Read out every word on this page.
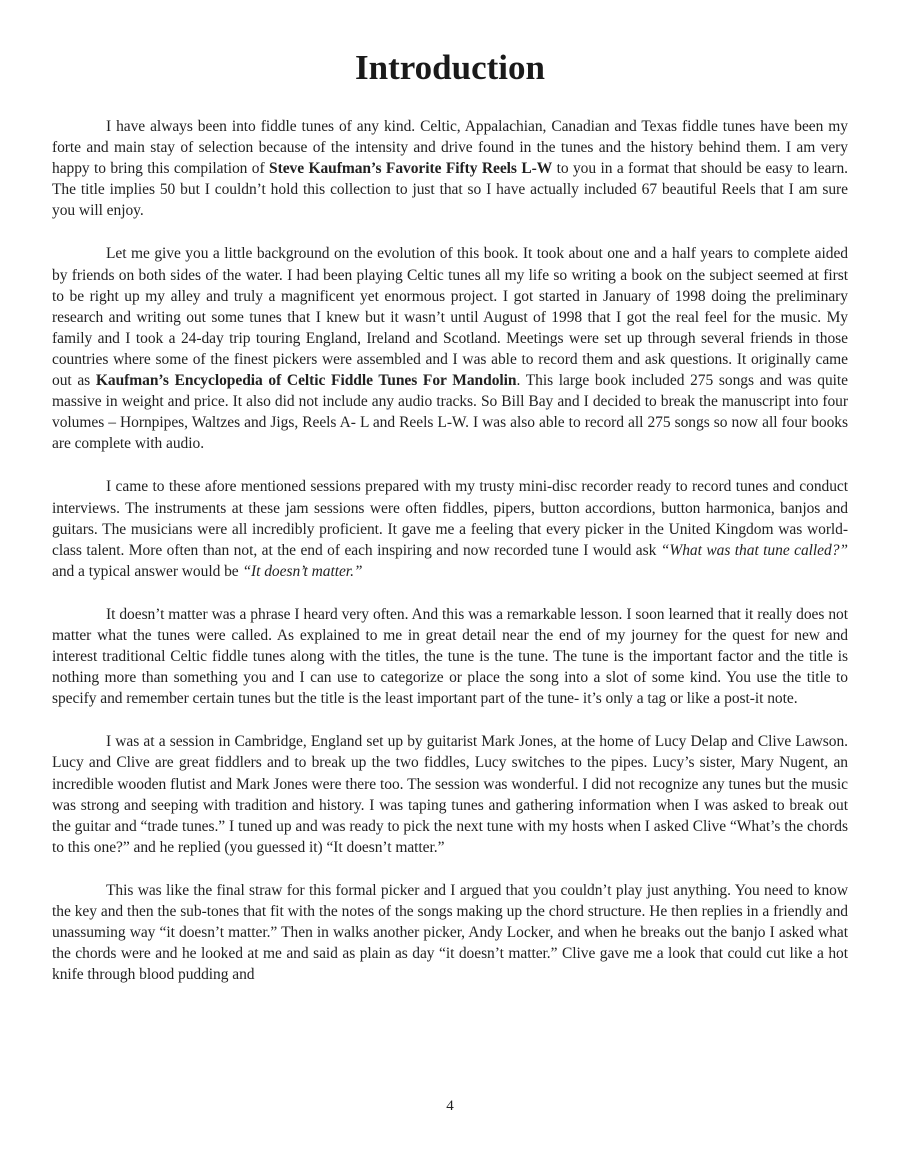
Introduction

I have always been into fiddle tunes of any kind. Celtic, Appalachian, Canadian and Texas fiddle tunes have been my forte and main stay of selection because of the intensity and drive found in the tunes and the history behind them. I am very happy to bring this compilation of Steve Kaufman’s Favorite Fifty Reels L-W to you in a format that should be easy to learn. The title implies 50 but I couldn’t hold this collection to just that so I have actually included 67 beautiful Reels that I am sure you will enjoy.

Let me give you a little background on the evolution of this book. It took about one and a half years to complete aided by friends on both sides of the water. I had been playing Celtic tunes all my life so writing a book on the subject seemed at first to be right up my alley and truly a magnificent yet enormous project. I got started in January of 1998 doing the preliminary research and writing out some tunes that I knew but it wasn’t until August of 1998 that I got the real feel for the music. My family and I took a 24-day trip touring England, Ireland and Scotland. Meetings were set up through several friends in those countries where some of the finest pickers were assembled and I was able to record them and ask questions. It originally came out as Kaufman’s Encyclopedia of Celtic Fiddle Tunes For Mandolin. This large book included 275 songs and was quite massive in weight and price. It also did not include any audio tracks. So Bill Bay and I decided to break the manuscript into four volumes – Hornpipes, Waltzes and Jigs, Reels A- L and Reels L-W. I was also able to record all 275 songs so now all four books are complete with audio.

I came to these afore mentioned sessions prepared with my trusty mini-disc recorder ready to record tunes and conduct interviews. The instruments at these jam sessions were often fiddles, pipers, button accordions, button harmonica, banjos and guitars. The musicians were all incredibly proficient. It gave me a feeling that every picker in the United Kingdom was world-class talent. More often than not, at the end of each inspiring and now recorded tune I would ask “What was that tune called?” and a typical answer would be “It doesn’t matter.”

It doesn’t matter was a phrase I heard very often. And this was a remarkable lesson. I soon learned that it really does not matter what the tunes were called. As explained to me in great detail near the end of my journey for the quest for new and interest traditional Celtic fiddle tunes along with the titles, the tune is the tune. The tune is the important factor and the title is nothing more than something you and I can use to categorize or place the song into a slot of some kind. You use the title to specify and remember certain tunes but the title is the least important part of the tune- it’s only a tag or like a post-it note.

I was at a session in Cambridge, England set up by guitarist Mark Jones, at the home of Lucy Delap and Clive Lawson. Lucy and Clive are great fiddlers and to break up the two fiddles, Lucy switches to the pipes. Lucy’s sister, Mary Nugent, an incredible wooden flutist and Mark Jones were there too. The session was wonderful. I did not recognize any tunes but the music was strong and seeping with tradition and history. I was taping tunes and gathering information when I was asked to break out the guitar and “trade tunes.” I tuned up and was ready to pick the next tune with my hosts when I asked Clive “What’s the chords to this one?” and he replied (you guessed it) “It doesn’t matter.”

This was like the final straw for this formal picker and I argued that you couldn’t play just anything. You need to know the key and then the sub-tones that fit with the notes of the songs making up the chord structure. He then replies in a friendly and unassuming way “it doesn’t matter.” Then in walks another picker, Andy Locker, and when he breaks out the banjo I asked what the chords were and he looked at me and said as plain as day “it doesn’t matter.” Clive gave me a look that could cut like a hot knife through blood pudding and

4
